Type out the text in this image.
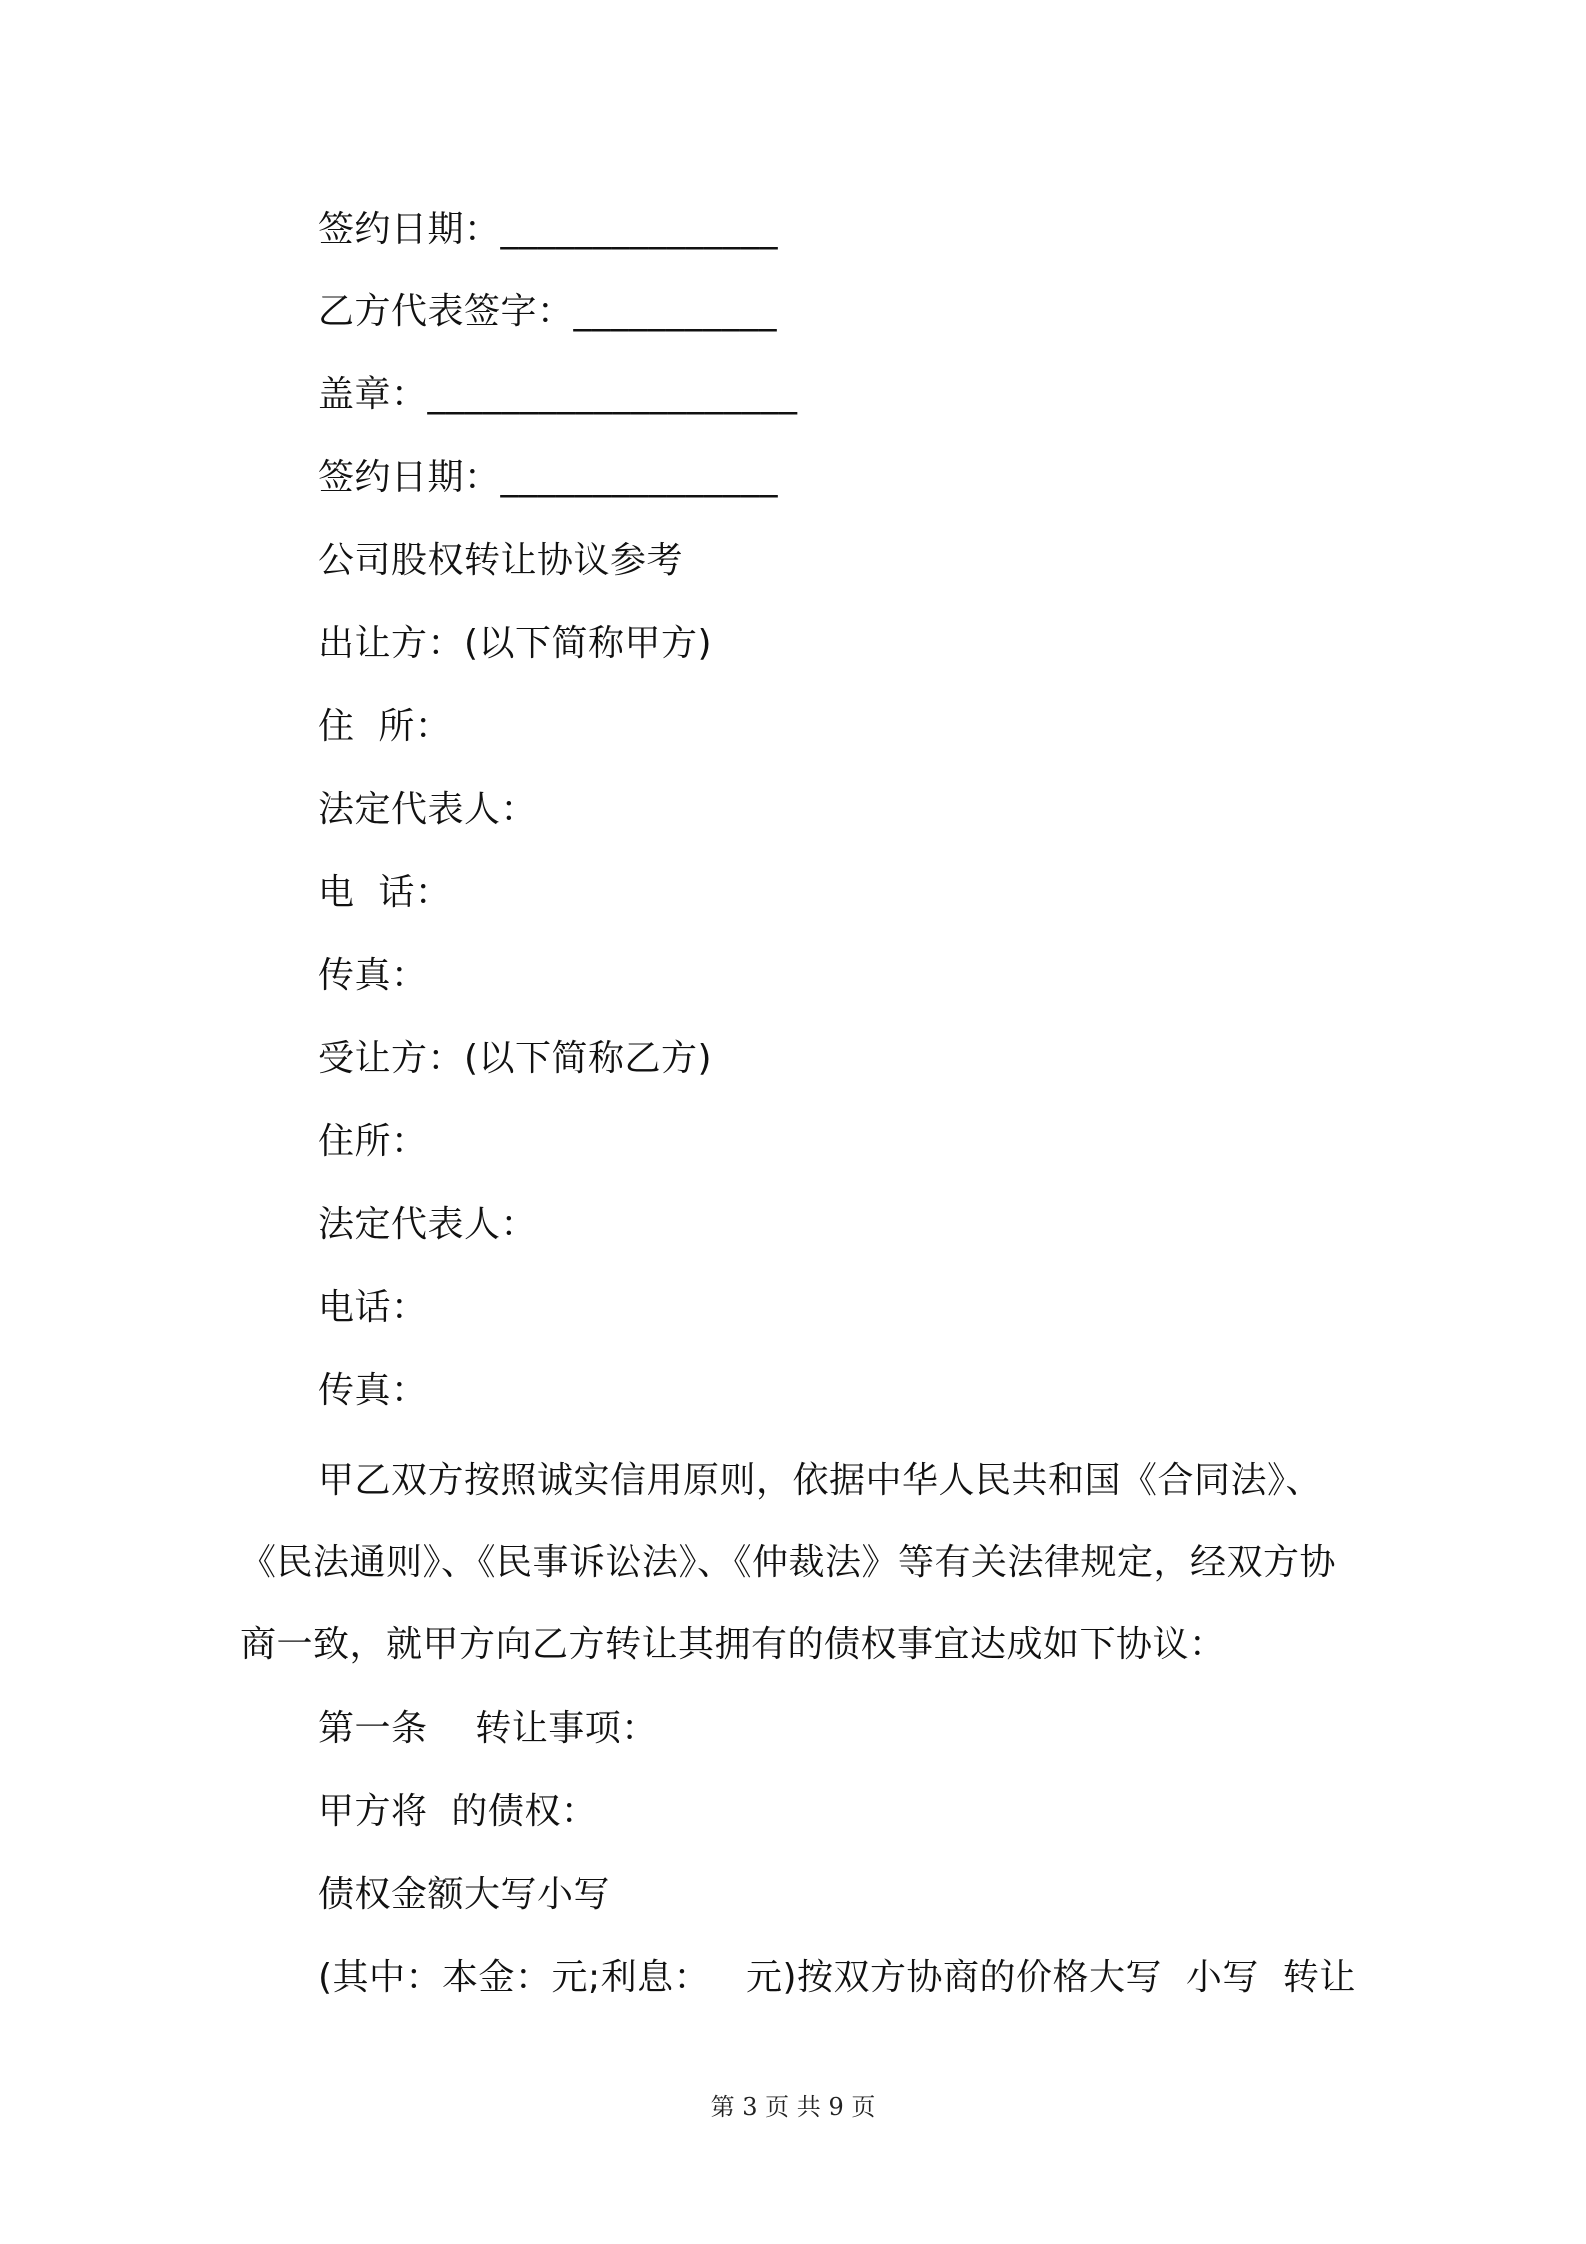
签约日期：_______________
乙方代表签字：___________
盖章：____________________
签约日期：_______________
公司股权转让协议参考
出让方：(以下简称甲方)
住  所：
法定代表人：
电  话：
传真：
受让方：(以下简称乙方)
住所：
法定代表人：
电话：
传真：
甲乙双方按照诚实信用原则，依据中华人民共和国《合同法》、
《民法通则》、《民事诉讼法》、《仲裁法》等有关法律规定，经双方协
商一致，就甲方向乙方转让其拥有的债权事宜达成如下协议：
第一条    转让事项：
甲方将  的债权：
债权金额大写小写
(其中：本金：元;利息：   元)按双方协商的价格大写  小写  转让
第 3 页 共 9 页
